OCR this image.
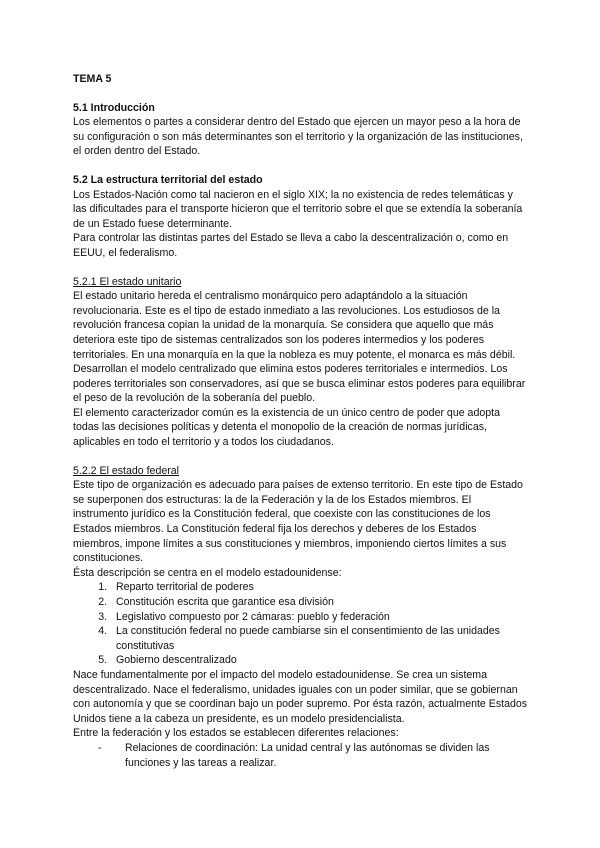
TEMA 5
5.1 Introducción

Los elementos o partes a considerar dentro del Estado que ejercen un mayor peso a la hora de su configuración o son más determinantes son el territorio y la organización de las instituciones, el orden dentro del Estado.

5.2 La estructura territorial del estado

Los Estados-Nación como tal nacieron en el siglo XIX; la no existencia de redes telemáticas y las dificultades para el transporte hicieron que el territorio sobre el que se extendía la soberanía de un Estado fuese determinante.

Para controlar las distintas partes del Estado se lleva a cabo la descentralización o, como en EEUU, el federalismo.

5.2.1 El estado unitario

El estado unitario hereda el centralismo monárquico pero adaptándolo a la situación revolucionaria. Este es el tipo de estado inmediato a las revoluciones. Los estudiosos de la revolución francesa copian la unidad de la monarquía. Se considera que aquello que más deteriora este tipo de sistemas centralizados son los poderes intermedios y los poderes territoriales. En una monarquía en la que la nobleza es muy potente, el monarca es más débil. Desarrollan el modelo centralizado que elimina estos poderes territoriales e intermedios. Los poderes territoriales son conservadores, así que se busca eliminar estos poderes para equilibrar el peso de la revolución de la soberanía del pueblo.

El elemento caracterizador común es la existencia de un único centro de poder que adopta todas las decisiones políticas y detenta el monopolio de la creación de normas jurídicas, aplicables en todo el territorio y a todos los ciudadanos.

5.2.2 El estado federal

Este tipo de organización es adecuado para países de extenso territorio. En este tipo de Estado se superponen dos estructuras: la de la Federación y la de los Estados miembros. El instrumento jurídico es la Constitución federal, que coexiste con las constituciones de los Estados miembros. La Constitución federal fija los derechos y deberes de los Estados miembros, impone límites a sus constituciones y miembros, imponiendo ciertos límites a sus constituciones.

Ésta descripción se centra en el modelo estadounidense:

1. Reparto territorial de poderes
2. Constitución escrita que garantice esa división
3. Legislativo compuesto por 2 cámaras: pueblo y federación
4. La constitución federal no puede cambiarse sin el consentimiento de las unidades constitutivas
5. Gobierno descentralizado

Nace fundamentalmente por el impacto del modelo estadounidense. Se crea un sistema descentralizado. Nace el federalismo, unidades iguales con un poder similar, que se gobiernan con autonomía y que se coordinan bajo un poder supremo. Por ésta razón, actualmente Estados Unidos tiene a la cabeza un presidente, es un modelo presidencialista.

Entre la federación y los estados se establecen diferentes relaciones:

- Relaciones de coordinación: La unidad central y las autónomas se dividen las funciones y las tareas a realizar.
